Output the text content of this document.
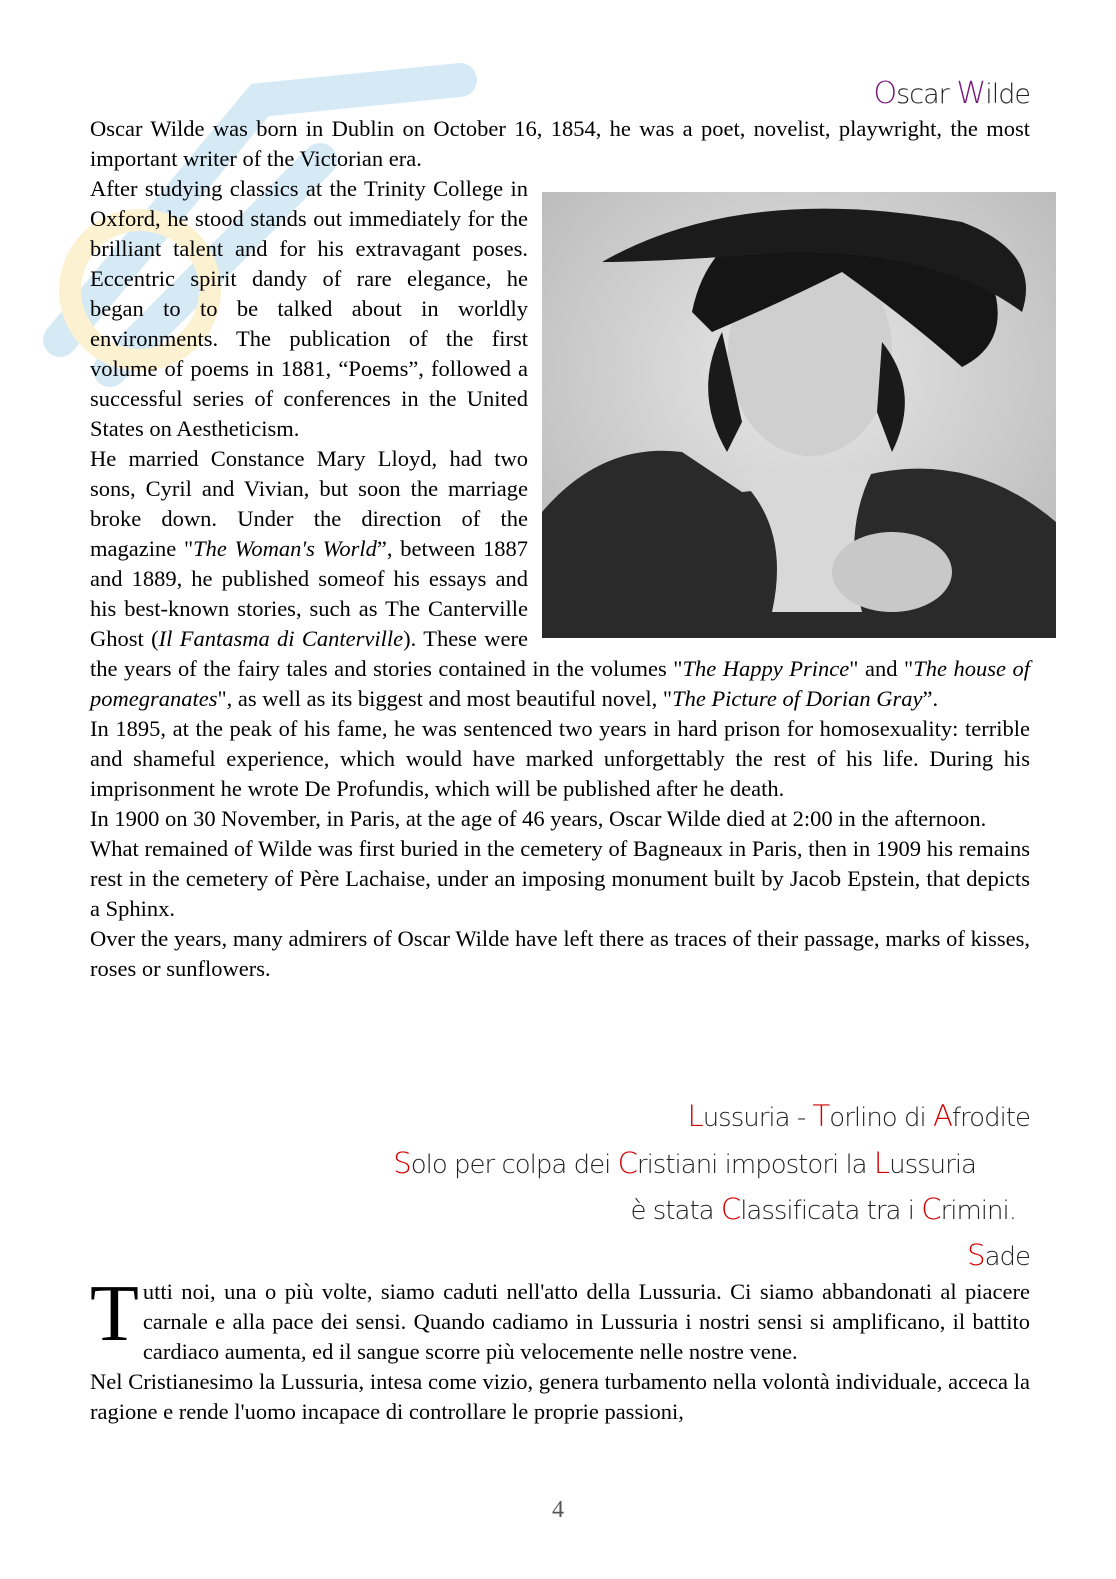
Oscar Wilde

Oscar Wilde was born in Dublin on October 16, 1854, he was a poet, novelist, playwright, the most important writer of the Victorian era.

After studying classics at the Trinity College in Oxford, he stood stands out immediately for the brilliant talent and for his extravagant poses. Eccentric spirit dandy of rare elegance, he began to to be talked about in worldly environments. The publication of the first volume of poems in 1881, “Poems”, followed a successful series of conferences in the United States on Aestheticism.

He married Constance Mary Lloyd, had two sons, Cyril and Vivian, but soon the marriage broke down. Under the direction of the magazine "The Woman's World”, between 1887 and 1889, he published someof his essays and his best-known stories, such as The Canterville Ghost (Il Fantasma di Canterville). These were the years of the fairy tales and stories contained in the volumes "The Happy Prince" and "The house of pomegranates", as well as its biggest and most beautiful novel, "The Picture of Dorian Gray”.

In 1895, at the peak of his fame, he was sentenced two years in hard prison for homosexuality: terrible and shameful experience, which would have marked unforgettably the rest of his life. During his imprisonment he wrote De Profundis, which will be published after he death.

In 1900 on 30 November, in Paris, at the age of 46 years, Oscar Wilde died at 2:00 in the afternoon.

What remained of Wilde was first buried in the cemetery of Bagneaux in Paris, then in 1909 his remains rest in the cemetery of Père Lachaise, under an imposing monument built by Jacob Epstein, that depicts a Sphinx.

Over the years, many admirers of Oscar Wilde have left there as traces of their passage, marks of kisses, roses or sunflowers.

Lussuria - Torlino di Afrodite
Solo per colpa dei Cristiani impostori la Lussuria
è stata Classificata tra i Crimini.
Sade

Tutti noi, una o più volte, siamo caduti nell'atto della Lussuria. Ci siamo abbandonati al piacere carnale e alla pace dei sensi. Quando cadiamo in Lussuria i nostri sensi si amplificano, il battito cardiaco aumenta, ed il sangue scorre più velocemente nelle nostre vene.

Nel Cristianesimo la Lussuria, intesa come vizio, genera turbamento nella volontà individuale, acceca la ragione e rende l'uomo incapace di controllare le proprie passioni,

4
